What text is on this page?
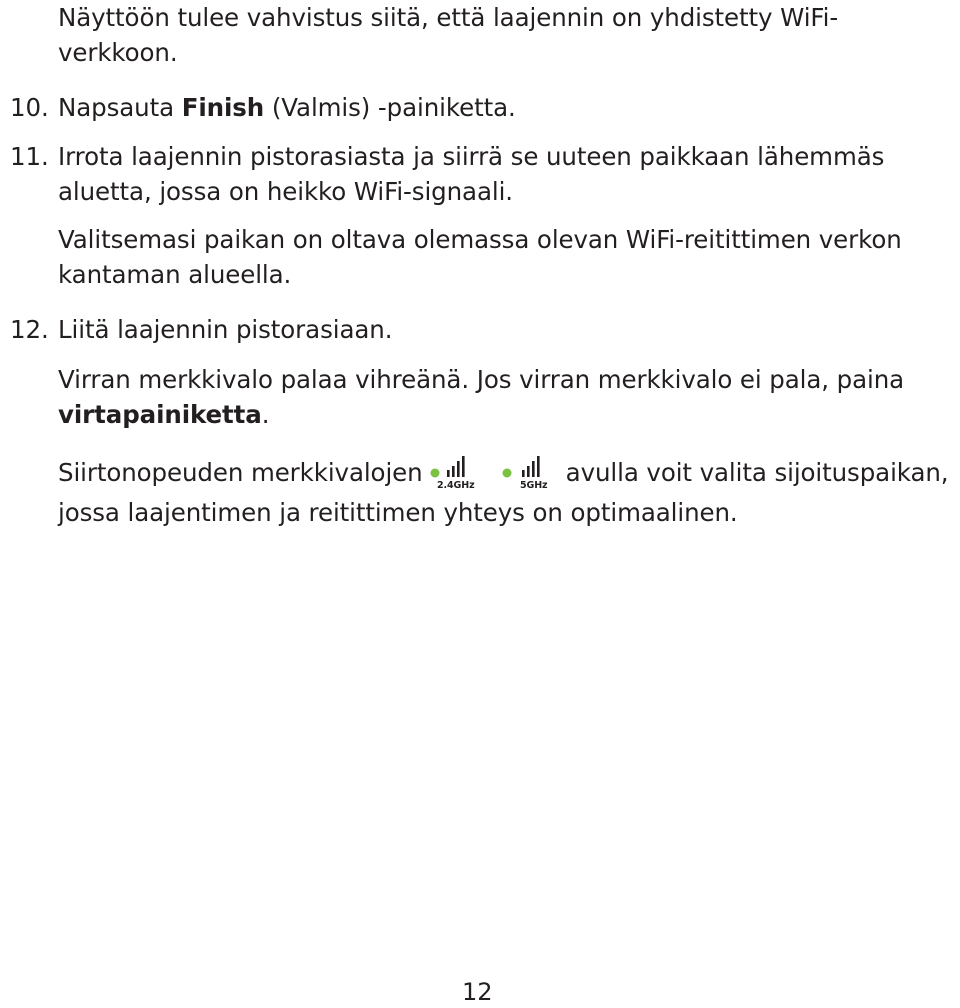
Näyttöön tulee vahvistus siitä, että laajennin on yhdistetty WiFi-
verkkoon.
10. Napsauta Finish (Valmis) -painiketta.
11. Irrota laajennin pistorasiasta ja siirrä se uuteen paikkaan lähemmäs
aluetta, jossa on heikko WiFi-signaali.
Valitsemasi paikan on oltava olemassa olevan WiFi-reitittimen verkon
kantaman alueella.
12. Liitä laajennin pistorasiaan.
Virran merkkivalo palaa vihreänä. Jos virran merkkivalo ei pala, paina
virtapainiketta.
Siirtonopeuden merkkivalojen 2.4GHz
	5GHz avulla voit valita sijoituspaikan,
jossa laajentimen ja reitittimen yhteys on optimaalinen.
12
